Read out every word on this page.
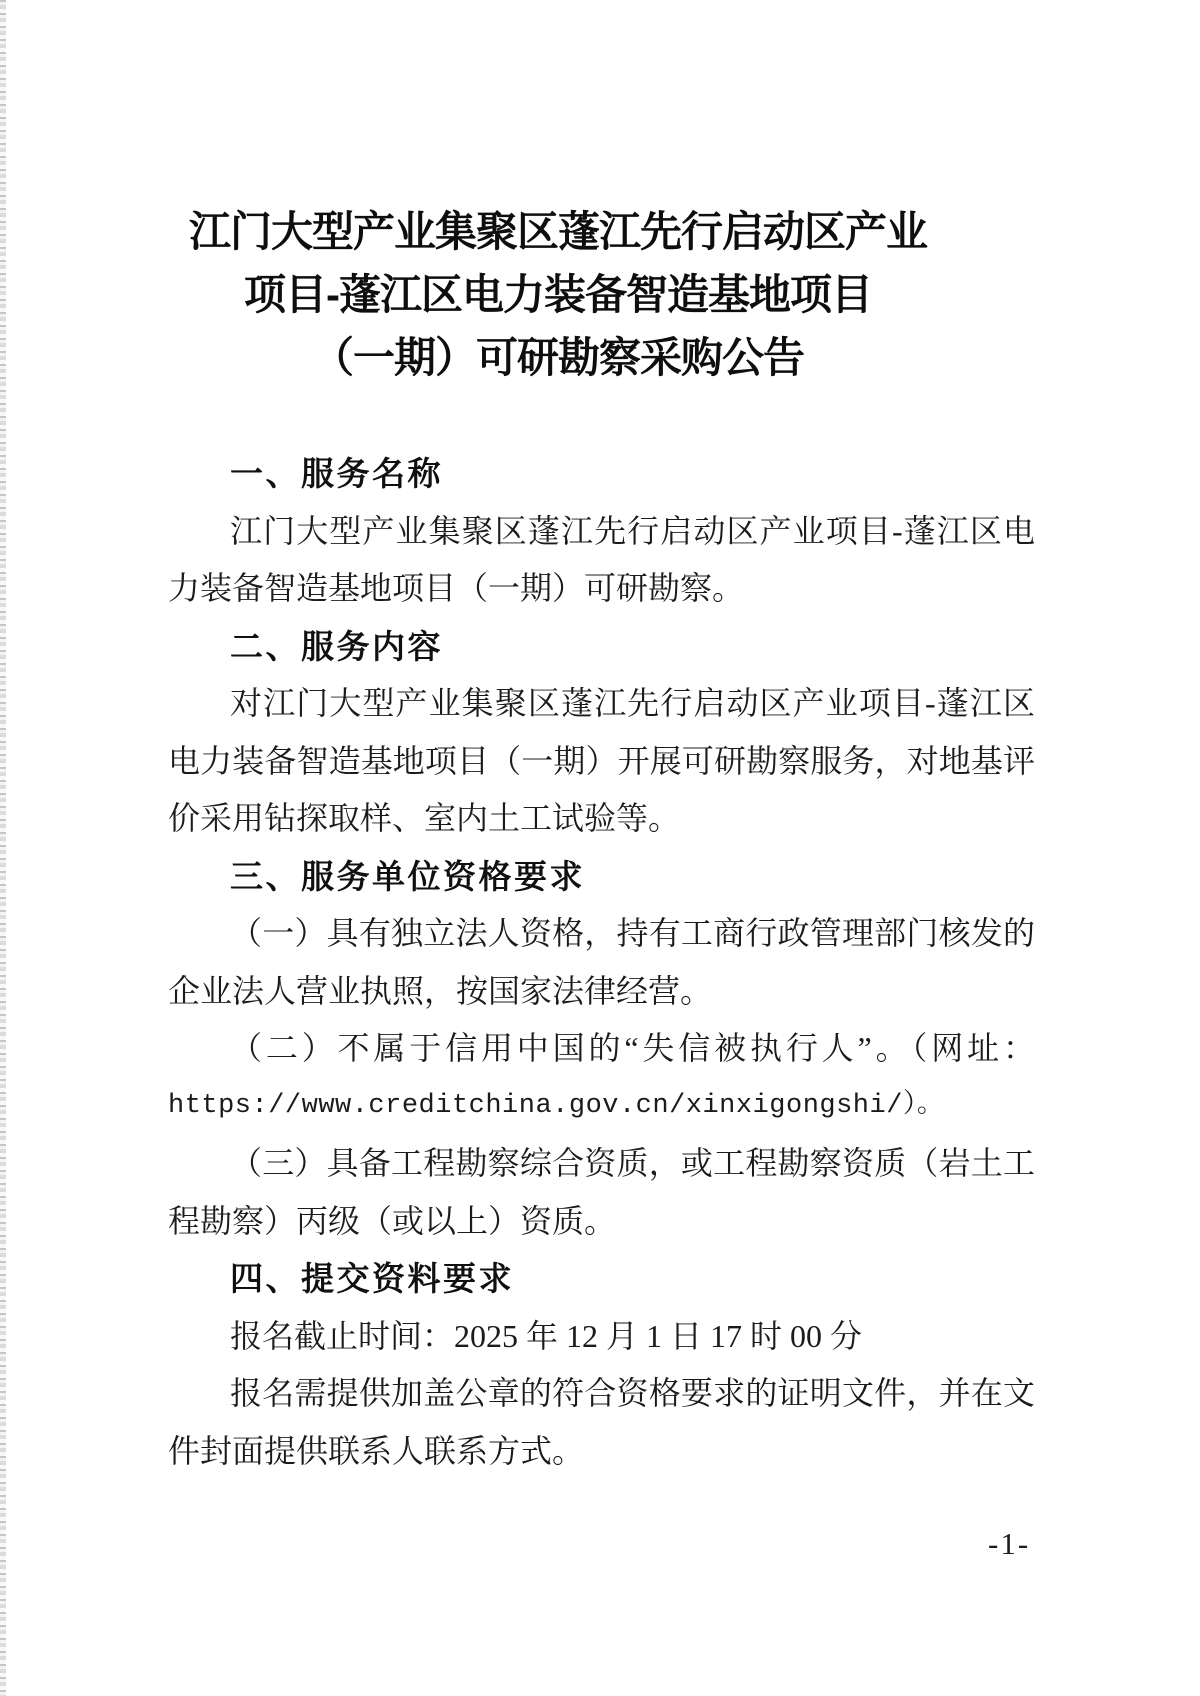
江门大型产业集聚区蓬江先行启动区产业
项目-蓬江区电力装备智造基地项目
（一期）可研勘察采购公告
一、服务名称
江门大型产业集聚区蓬江先行启动区产业项目-蓬江区电
力装备智造基地项目（一期）可研勘察。
二、服务内容
对江门大型产业集聚区蓬江先行启动区产业项目-蓬江区
电力装备智造基地项目（一期）开展可研勘察服务，对地基评
价采用钻探取样、室内土工试验等。
三、服务单位资格要求
（一）具有独立法人资格，持有工商行政管理部门核发的
企业法人营业执照，按国家法律经营。
（二）不属于信用中国的“失信被执行人”。（网址：
https://www.creditchina.gov.cn/xinxigongshi/）。
（三）具备工程勘察综合资质，或工程勘察资质（岩土工
程勘察）丙级（或以上）资质。
四、提交资料要求
报名截止时间：2025 年 12 月 1 日 17 时 00 分
报名需提供加盖公章的符合资格要求的证明文件，并在文
件封面提供联系人联系方式。
-1-
